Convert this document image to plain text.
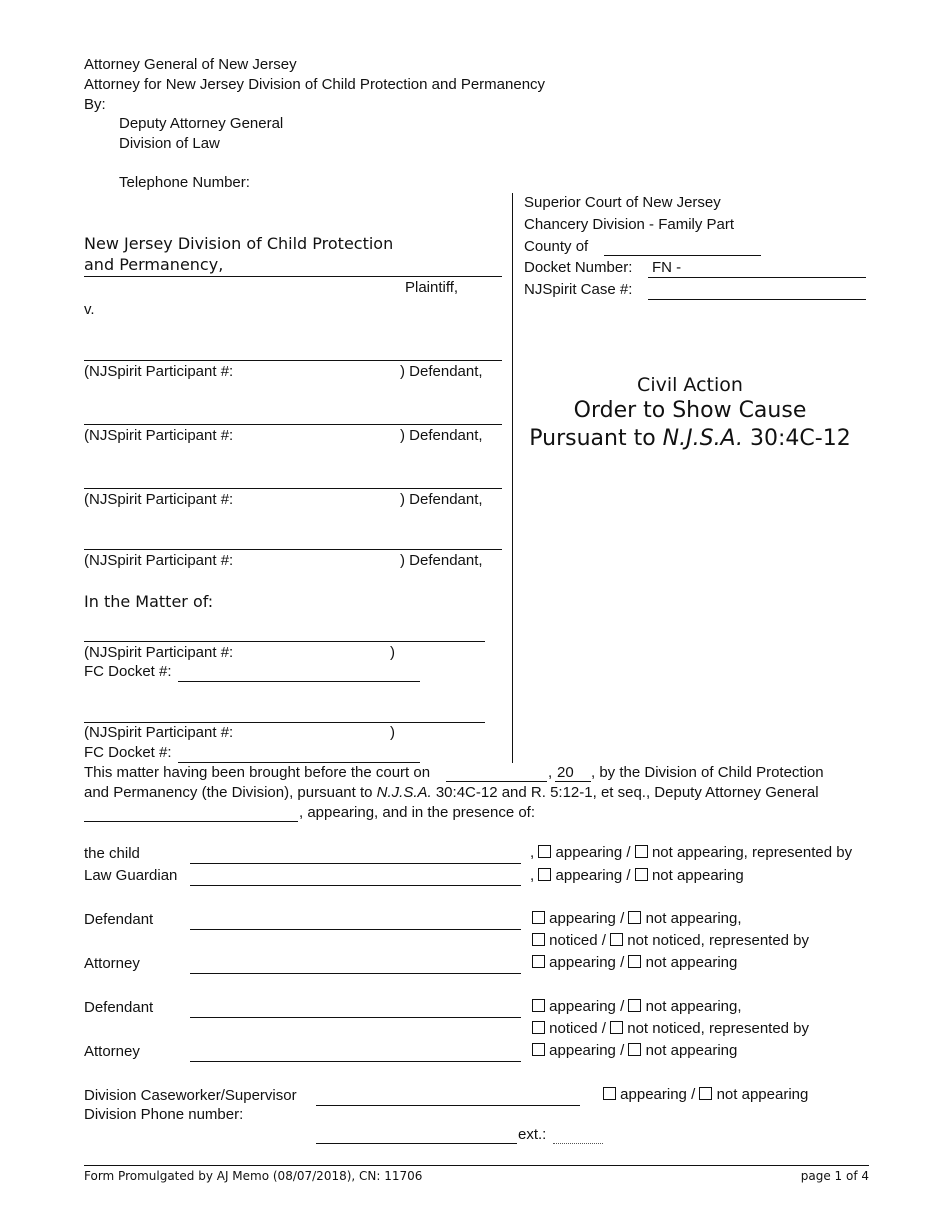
Attorney General of New Jersey
Attorney for New Jersey Division of Child Protection and Permanency
By:
Deputy Attorney General
Division of Law
Telephone Number:
Superior Court of New Jersey
Chancery Division - Family Part
County of
Docket Number: FN -
NJSpirit Case #:
New Jersey Division of Child Protection
and Permanency,
Plaintiff,
v.
(NJSpirit Participant #:	) Defendant,
(NJSpirit Participant #:	) Defendant,
(NJSpirit Participant #:	) Defendant,
(NJSpirit Participant #:	) Defendant,
In the Matter of:
(NJSpirit Participant #:	)
FC Docket #:
(NJSpirit Participant #:	)
FC Docket #:
Civil Action
Order to Show Cause
Pursuant to N.J.S.A. 30:4C-12
This matter having been brought before the court on	, 20 , by the Division of Child Protection
and Permanency (the Division), pursuant to N.J.S.A. 30:4C-12 and R. 5:12-1, et seq., Deputy Attorney General
, appearing, and in the presence of:
the child	, appearing /  not appearing, represented by
Law Guardian	, appearing /  not appearing
Defendant	appearing /  not appearing,
noticed /  not noticed, represented by
Attorney	appearing /  not appearing
Defendant	appearing /  not appearing,
noticed /  not noticed, represented by
Attorney	appearing /  not appearing
Division Caseworker/Supervisor	appearing /  not appearing
Division Phone number:
ext.:
Form Promulgated by AJ Memo (08/07/2018), CN: 11706	page 1 of 4
